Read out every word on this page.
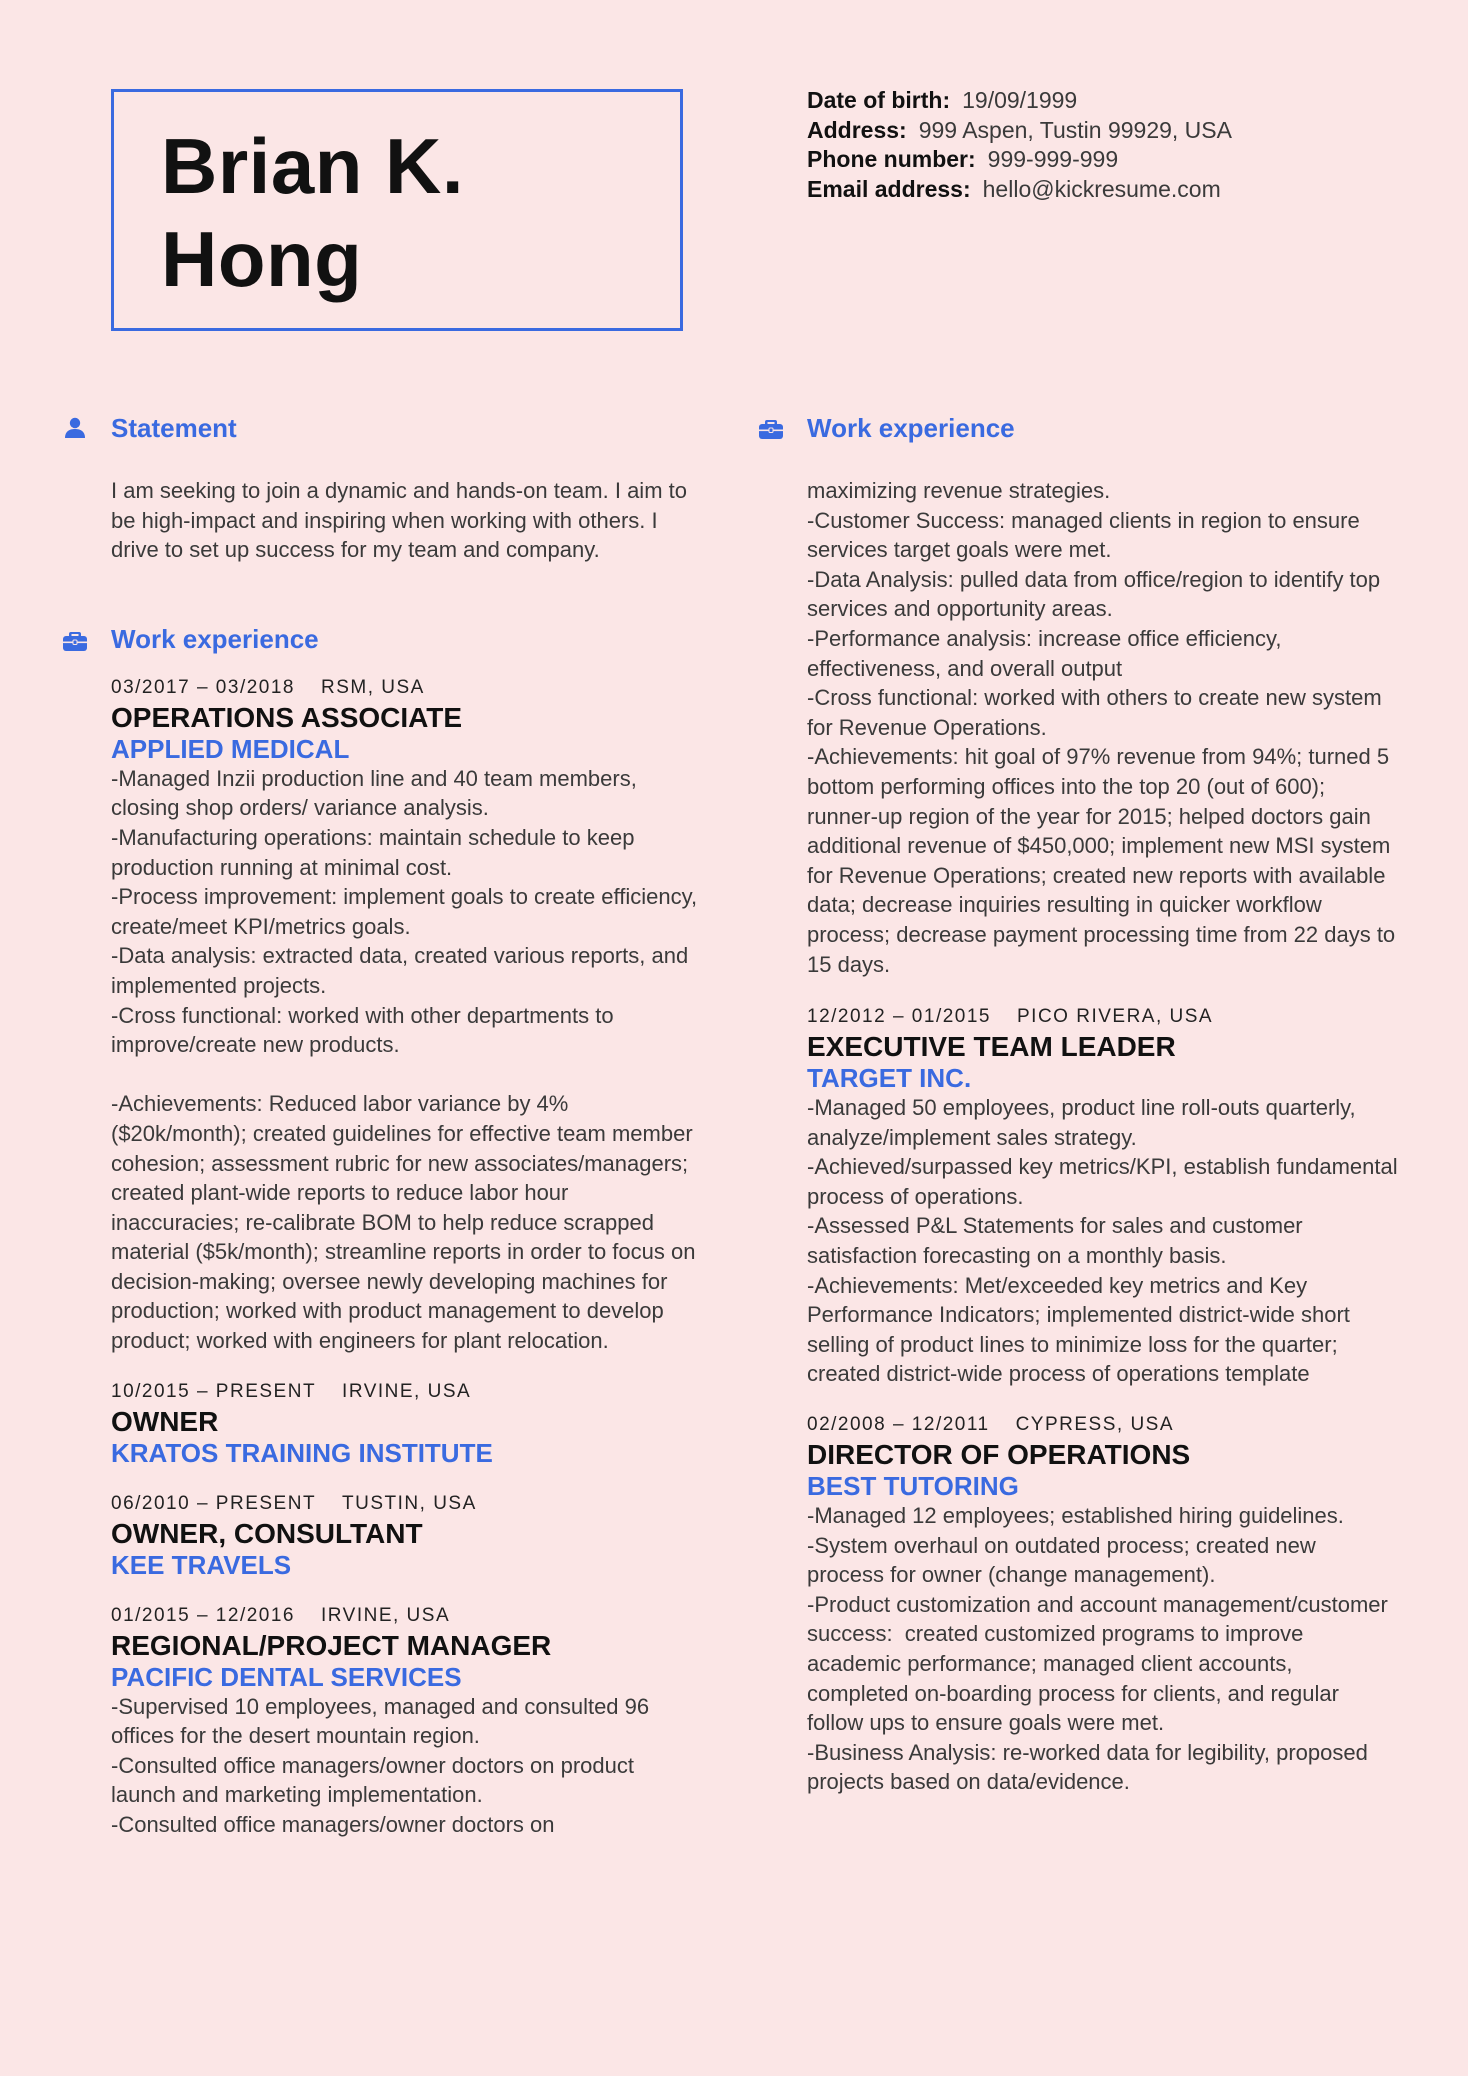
Brian K.
Hong
Date of birth: 19/09/1999
Address: 999 Aspen, Tustin 99929, USA
Phone number: 999-999-999
Email address: hello@kickresume.com
Statement
I am seeking to join a dynamic and hands-on team. I aim to be high-impact and inspiring when working with others. I drive to set up success for my team and company.
Work experience
03/2017 – 03/2018 RSM, USA
OPERATIONS ASSOCIATE
APPLIED MEDICAL
-Managed Inzii production line and 40 team members, closing shop orders/ variance analysis.
-Manufacturing operations: maintain schedule to keep production running at minimal cost.
-Process improvement: implement goals to create efficiency, create/meet KPI/metrics goals.
-Data analysis: extracted data, created various reports, and implemented projects.
-Cross functional: worked with other departments to improve/create new products.

-Achievements: Reduced labor variance by 4% ($20k/month); created guidelines for effective team member cohesion; assessment rubric for new associates/managers; created plant-wide reports to reduce labor hour inaccuracies; re-calibrate BOM to help reduce scrapped material ($5k/month); streamline reports in order to focus on decision-making; oversee newly developing machines for production; worked with product management to develop product; worked with engineers for plant relocation.
10/2015 – PRESENT IRVINE, USA
OWNER
KRATOS TRAINING INSTITUTE
06/2010 – PRESENT TUSTIN, USA
OWNER, CONSULTANT
KEE TRAVELS
01/2015 – 12/2016 IRVINE, USA
REGIONAL/PROJECT MANAGER
PACIFIC DENTAL SERVICES
-Supervised 10 employees, managed and consulted 96 offices for the desert mountain region.
-Consulted office managers/owner doctors on product launch and marketing implementation.
-Consulted office managers/owner doctors on
Work experience
maximizing revenue strategies.
-Customer Success: managed clients in region to ensure services target goals were met.
-Data Analysis: pulled data from office/region to identify top services and opportunity areas.
-Performance analysis: increase office efficiency, effectiveness, and overall output
-Cross functional: worked with others to create new system for Revenue Operations.
-Achievements: hit goal of 97% revenue from 94%; turned 5 bottom performing offices into the top 20 (out of 600); runner-up region of the year for 2015; helped doctors gain additional revenue of $450,000; implement new MSI system for Revenue Operations; created new reports with available data; decrease inquiries resulting in quicker workflow process; decrease payment processing time from 22 days to 15 days.
12/2012 – 01/2015 PICO RIVERA, USA
EXECUTIVE TEAM LEADER
TARGET INC.
-Managed 50 employees, product line roll-outs quarterly, analyze/implement sales strategy.
-Achieved/surpassed key metrics/KPI, establish fundamental process of operations.
-Assessed P&L Statements for sales and customer satisfaction forecasting on a monthly basis.
-Achievements: Met/exceeded key metrics and Key Performance Indicators; implemented district-wide short selling of product lines to minimize loss for the quarter; created district-wide process of operations template
02/2008 – 12/2011 CYPRESS, USA
DIRECTOR OF OPERATIONS
BEST TUTORING
-Managed 12 employees; established hiring guidelines.
-System overhaul on outdated process; created new process for owner (change management).
-Product customization and account management/customer success:  created customized programs to improve academic performance; managed client accounts, completed on-boarding process for clients, and regular follow ups to ensure goals were met.
-Business Analysis: re-worked data for legibility, proposed projects based on data/evidence.
